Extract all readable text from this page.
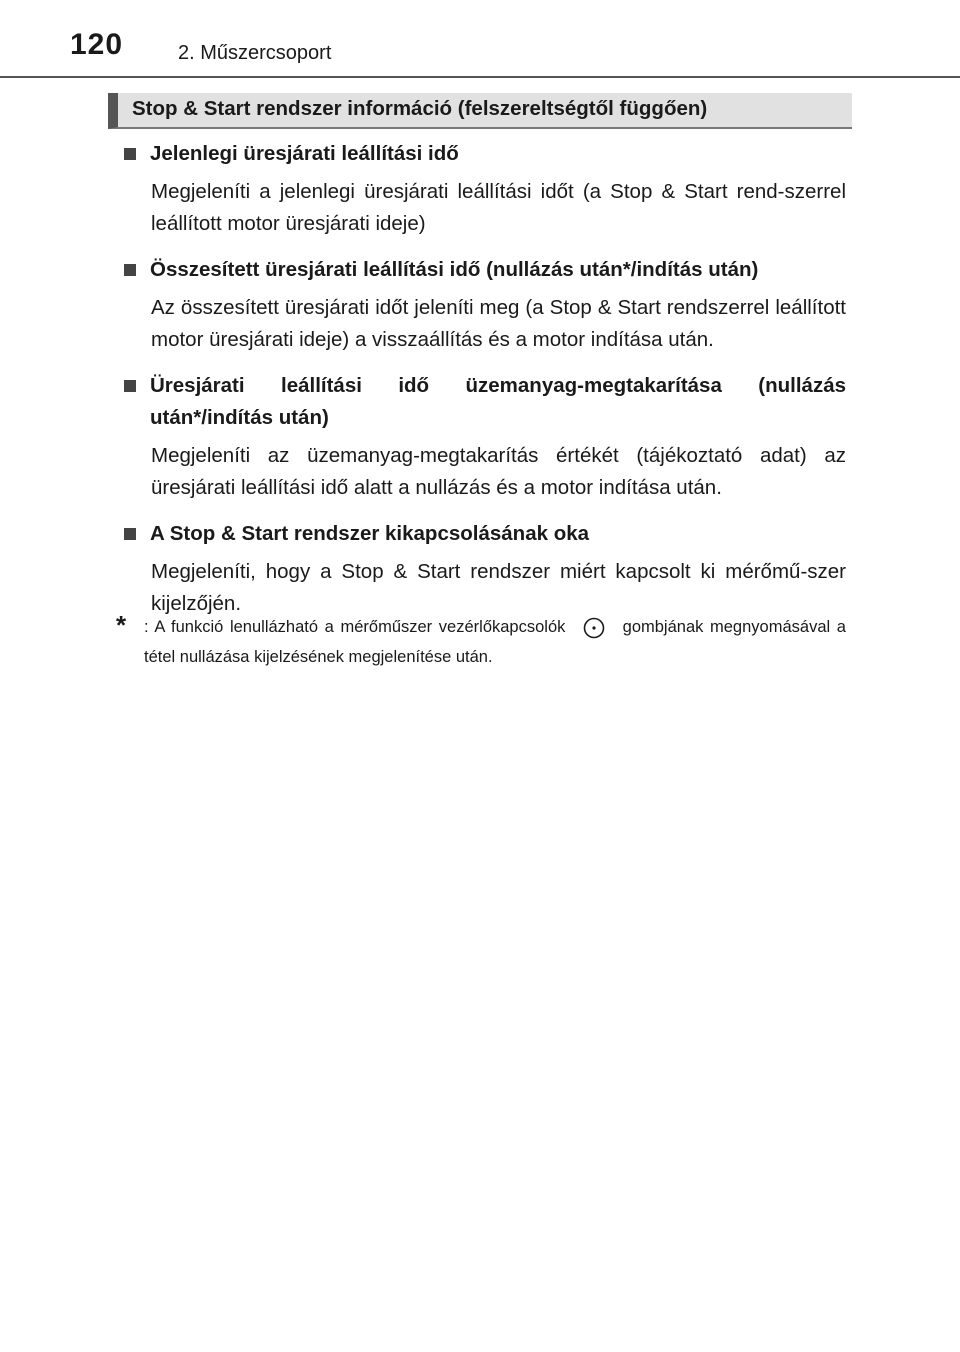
120	2. Műszercsoport
Stop & Start rendszer információ (felszereltségtől függően)
Jelenlegi üresjárati leállítási idő
Megjeleníti a jelenlegi üresjárati leállítási időt (a Stop & Start rend-szerrel leállított motor üresjárati ideje)
Összesített üresjárati leállítási idő (nullázás után*/indítás után)
Az összesített üresjárati időt jeleníti meg (a Stop & Start rendszerrel leállított motor üresjárati ideje) a visszaállítás és a motor indítása után.
Üresjárati leállítási idő üzemanyag-megtakarítása (nullázás után*/indítás után)
Megjeleníti az üzemanyag-megtakarítás értékét (tájékoztató adat) az üresjárati leállítási idő alatt a nullázás és a motor indítása után.
A Stop & Start rendszer kikapcsolásának oka
Megjeleníti, hogy a Stop & Start rendszer miért kapcsolt ki mérőmű-szer kijelzőjén.
* : A funkció lenullázható a mérőműszer vezérlőkapcsolók	gombjának megnyomásával a tétel nullázása kijelzésének megjelenítése után.
